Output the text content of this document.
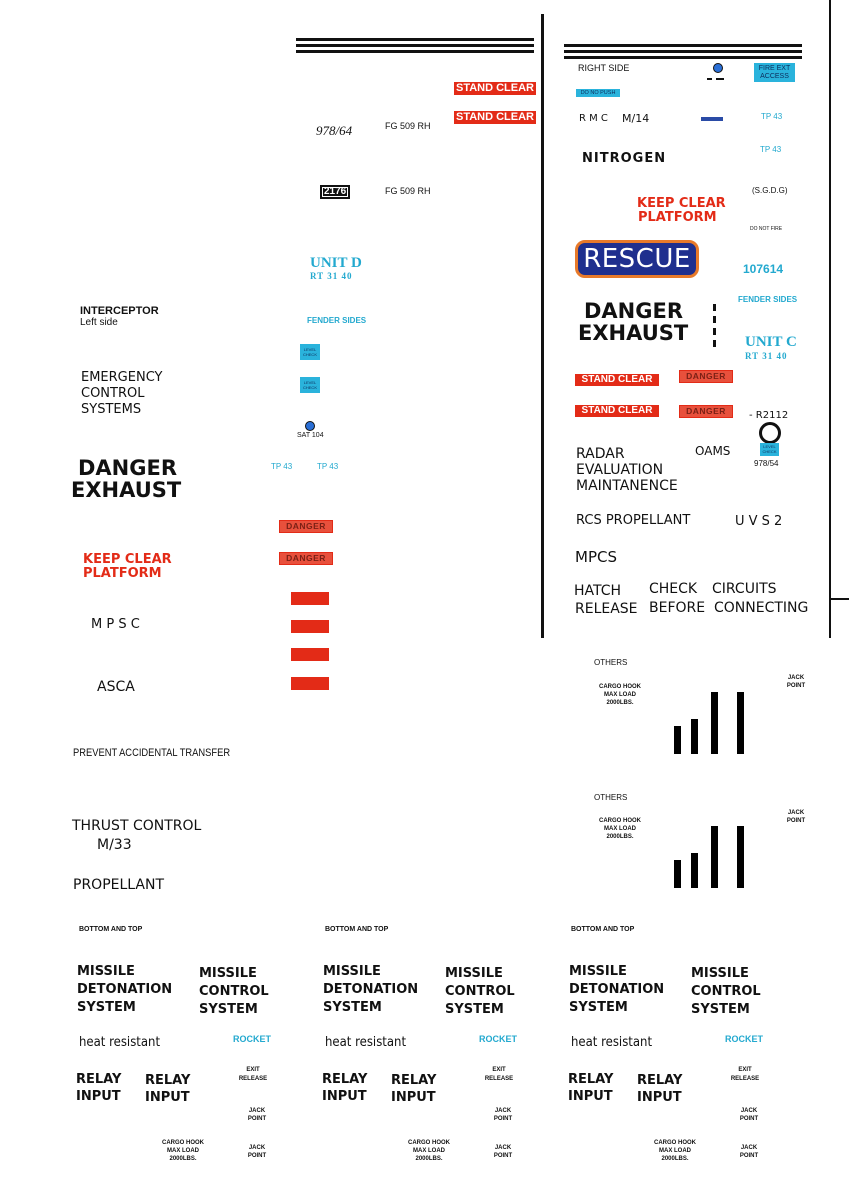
STAND CLEAR
STAND CLEAR
978/64	FG 509 RH
2176	FG 509 RH
UNIT D
RT 31 40
INTERCEPTOR
Left side	FENDER SIDES
LEVEL
CHECK
LEVEL
CHECK
EMERGENCY
CONTROL
SYSTEMS
SAT 104
DANGER
EXHAUST
TP 43	TP 43
DANGER
DANGER
KEEP CLEAR
PLATFORM
M P S C
ASCA
PREVENT ACCIDENTAL TRANSFER
THRUST CONTROL
M/33
PROPELLANT
RIGHT SIDE	FIRE EXT
ACCESS
DO NO PUSH
R M C M/14	TP 43
TP 43
NITROGEN
(S.G.D.G)
KEEP CLEAR
PLATFORM
DO NOT FIRE
RESCUE	107614
FENDER SIDES
DANGER
EXHAUST	UNIT C
RT 31 40
STAND CLEAR	DANGER
STAND CLEAR	DANGER	- R2112
LEVEL
CHECK
978/54
OAMS
RADAR
EVALUATION
MAINTANENCE
RCS PROPELLANT	U V S 2
MPCS
HATCH
RELEASE
CHECK
BEFORE
CIRCUITS
CONNECTING
OTHERS
CARGO HOOK
MAX LOAD
2000LBS.
JACK
POINT
OTHERS
CARGO HOOK
MAX LOAD
2000LBS.
JACK
POINT
BOTTOM AND TOP
MISSILE
DETONATION
SYSTEM
MISSILE
CONTROL
SYSTEM
heat resistant	ROCKET
RELAY
INPUT
RELAY
INPUT
EXIT
RELEASE
JACK
POINT
CARGO HOOK
MAX LOAD
2000LBS.
JACK
POINT
BOTTOM AND TOP
MISSILE
DETONATION
SYSTEM
MISSILE
CONTROL
SYSTEM
heat resistant	ROCKET
RELAY
INPUT
RELAY
INPUT
EXIT
RELEASE
JACK
POINT
CARGO HOOK
MAX LOAD
2000LBS.
JACK
POINT
BOTTOM AND TOP
MISSILE
DETONATION
SYSTEM
MISSILE
CONTROL
SYSTEM
heat resistant	ROCKET
RELAY
INPUT
RELAY
INPUT
EXIT
RELEASE
JACK
POINT
CARGO HOOK
MAX LOAD
2000LBS.
JACK
POINT
